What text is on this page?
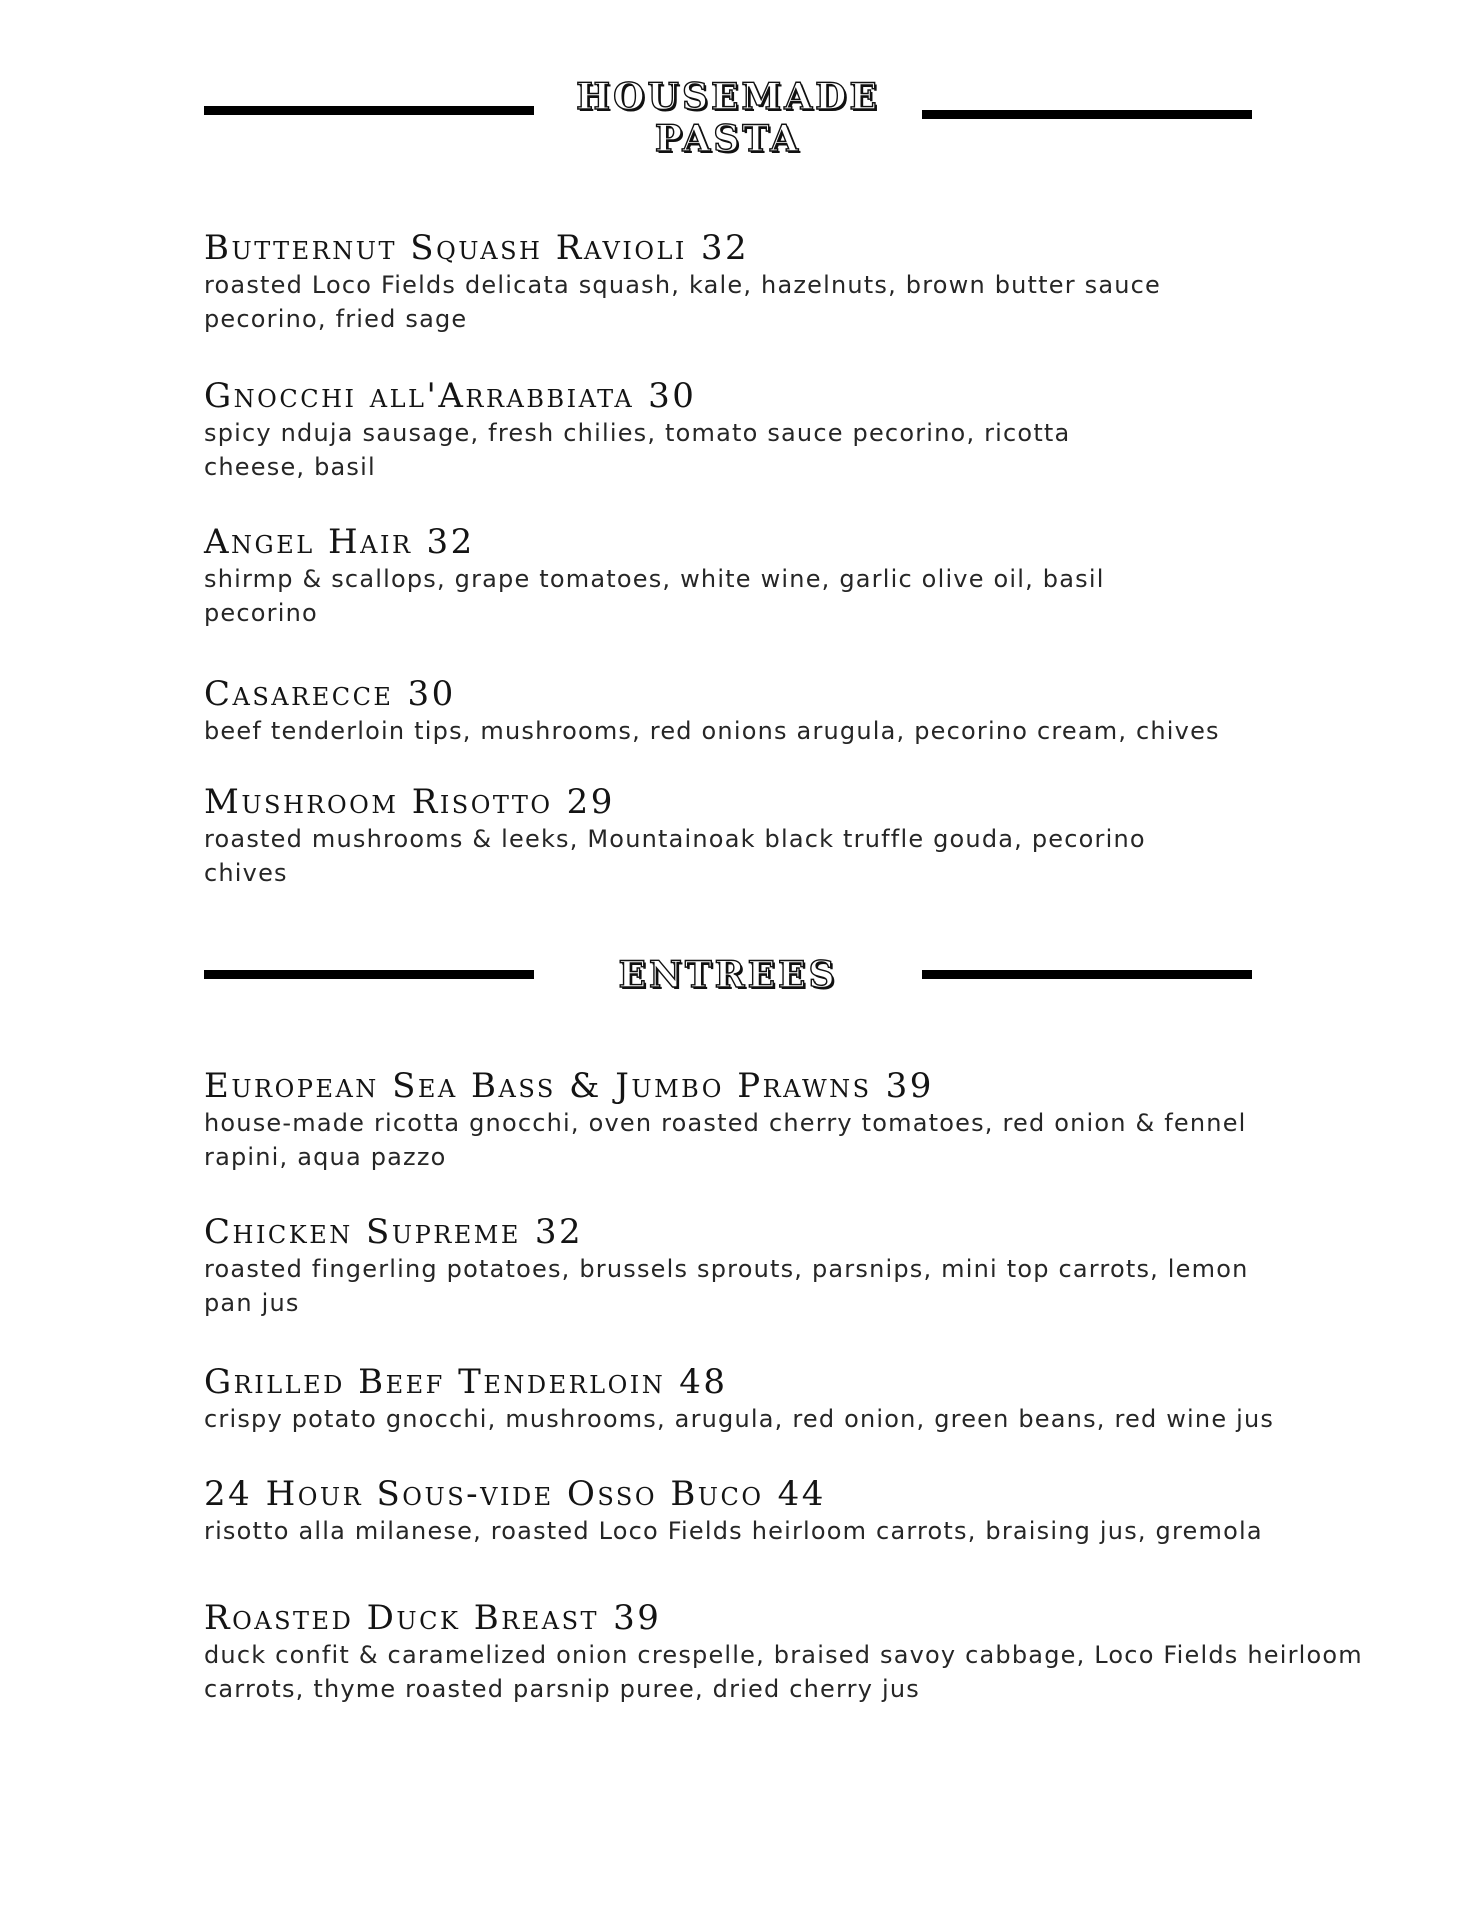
HOUSEMADE
PASTA
Butternut Squash Ravioli 32
roasted Loco Fields delicata squash, kale, hazelnuts, brown butter sauce
pecorino, fried sage
Gnocchi all'Arrabbiata 30
spicy nduja sausage, fresh chilies, tomato sauce pecorino, ricotta
cheese, basil
Angel Hair 32
shirmp & scallops, grape tomatoes, white wine, garlic olive oil, basil
pecorino
Casarecce 30
beef tenderloin tips, mushrooms, red onions arugula, pecorino cream, chives
Mushroom Risotto 29
roasted mushrooms & leeks, Mountainoak black truffle gouda, pecorino
chives
ENTREES
European Sea Bass & Jumbo Prawns 39
house-made ricotta gnocchi, oven roasted cherry tomatoes, red onion & fennel
rapini, aqua pazzo
Chicken Supreme 32
roasted fingerling potatoes, brussels sprouts, parsnips, mini top carrots, lemon
pan jus
Grilled Beef Tenderloin 48
crispy potato gnocchi, mushrooms, arugula, red onion, green beans, red wine jus
24 Hour Sous-vide Osso Buco 44
risotto alla milanese, roasted Loco Fields heirloom carrots, braising jus, gremola
Roasted Duck Breast 39
duck confit & caramelized onion crespelle, braised savoy cabbage, Loco Fields heirloom
carrots, thyme roasted parsnip puree, dried cherry jus
